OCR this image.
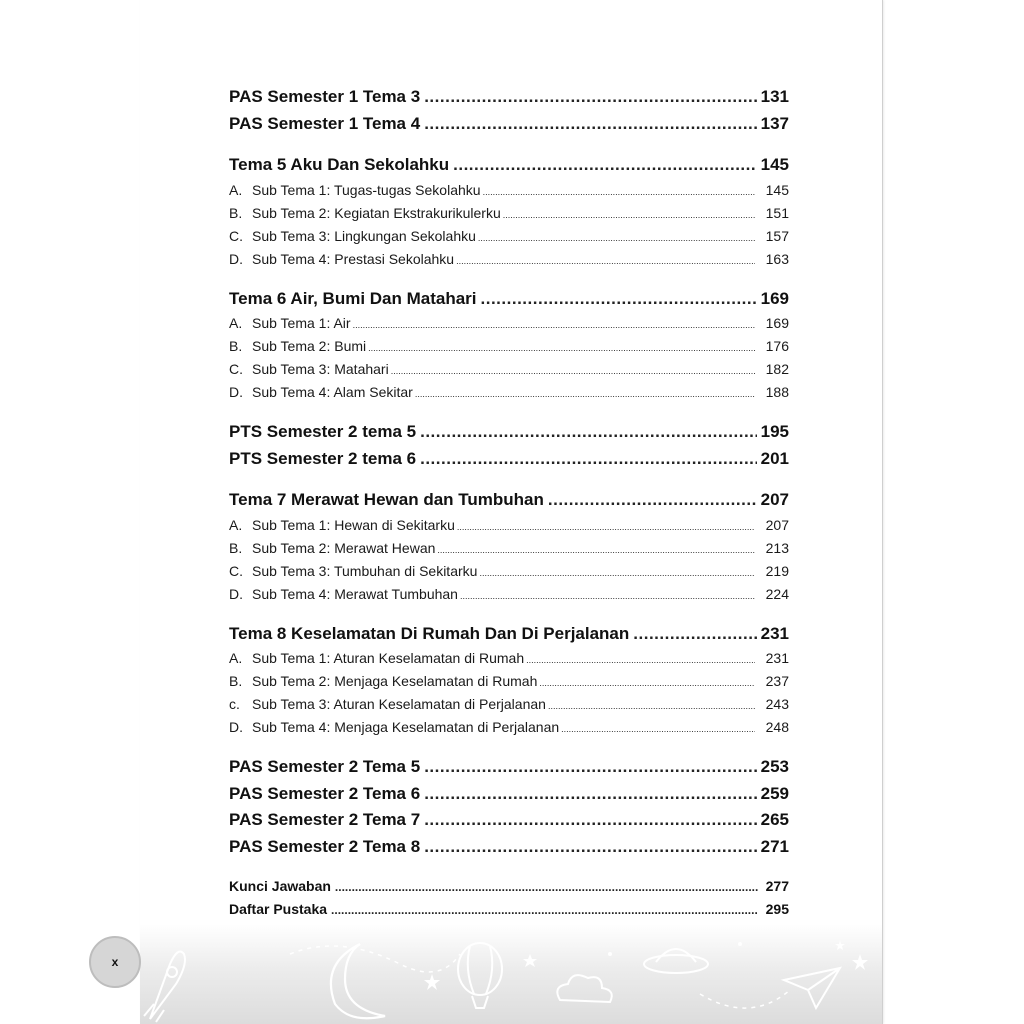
PAS Semester 1 Tema 3 .....	131
PAS Semester 1 Tema 4 .....	137
Tema 5 Aku Dan Sekolahku .....	145
A. Sub Tema 1: Tugas-tugas Sekolahku .....	145
B. Sub Tema 2: Kegiatan Ekstrakurikulerku .....	151
C. Sub Tema 3: Lingkungan Sekolahku .....	157
D. Sub Tema 4: Prestasi Sekolahku .....	163
Tema 6 Air, Bumi Dan Matahari .....	169
A. Sub Tema 1: Air .....	169
B. Sub Tema 2: Bumi .....	176
C. Sub Tema 3: Matahari .....	182
D. Sub Tema 4: Alam Sekitar .....	188
PTS Semester 2 tema 5 .....	195
PTS Semester 2 tema 6 .....	201
Tema 7 Merawat Hewan dan Tumbuhan .....	207
A. Sub Tema 1: Hewan di Sekitarku .....	207
B. Sub Tema 2: Merawat Hewan .....	213
C. Sub Tema 3: Tumbuhan di Sekitarku .....	219
D. Sub Tema 4: Merawat Tumbuhan .....	224
Tema 8 Keselamatan Di Rumah Dan Di Perjalanan .....	231
A. Sub Tema 1: Aturan Keselamatan di Rumah .....	231
B. Sub Tema 2: Menjaga Keselamatan di Rumah .....	237
c. Sub Tema 3: Aturan Keselamatan di Perjalanan .....	243
D. Sub Tema 4: Menjaga Keselamatan di Perjalanan .....	248
PAS Semester 2 Tema 5 .....	253
PAS Semester 2 Tema 6 .....	259
PAS Semester 2 Tema 7 .....	265
PAS Semester 2 Tema 8 .....	271
Kunci Jawaban .....	277
Daftar Pustaka .....	295
x
